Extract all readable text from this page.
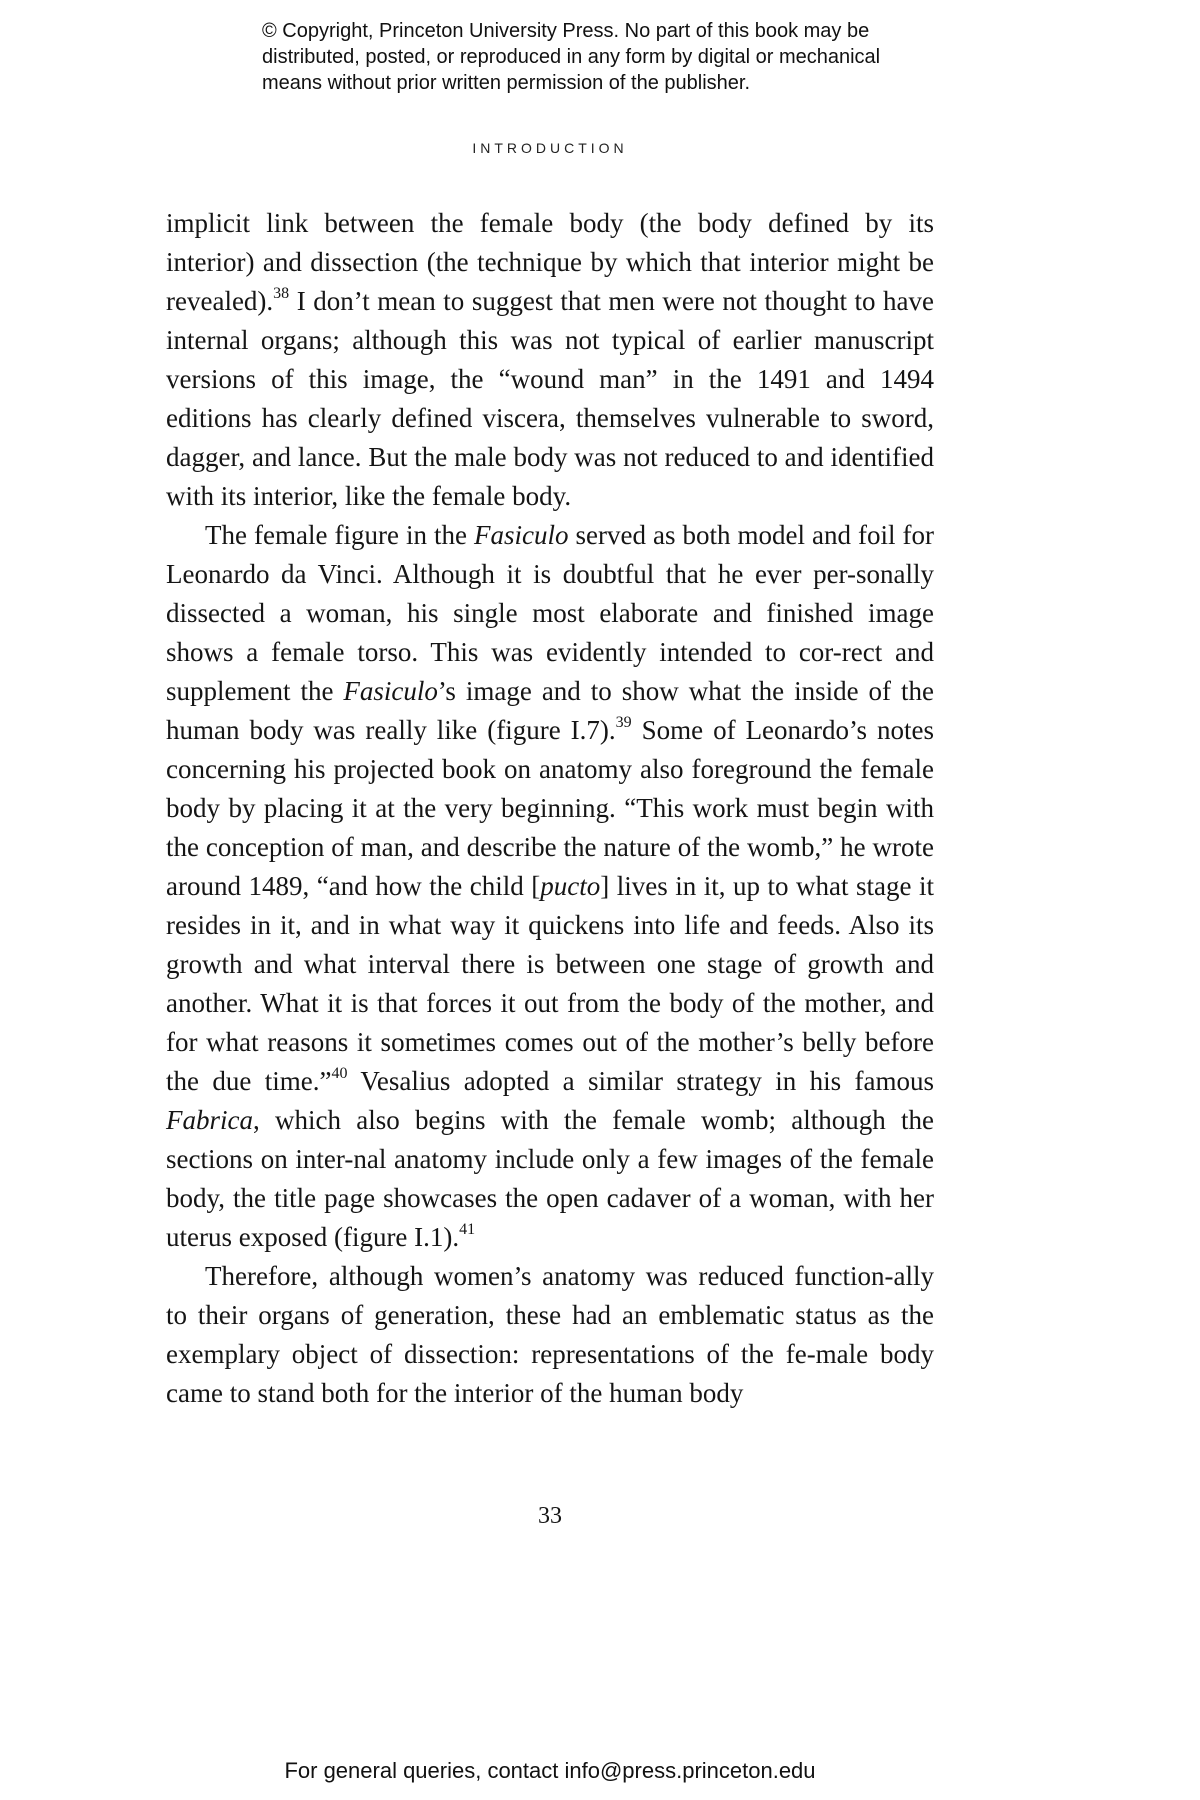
© Copyright, Princeton University Press. No part of this book may be
distributed, posted, or reproduced in any form by digital or mechanical
means without prior written permission of the publisher.
INTRODUCTION

implicit link between the female body (the body defined by its interior) and dissection (the technique by which that interior might be revealed).$^{38}$ I don’t mean to suggest that men were not thought to have internal organs; although this was not typical of earlier manuscript versions of this image, the “wound man” in the 1491 and 1494 editions has clearly defined viscera, themselves vulnerable to sword, dagger, and lance. But the male body was not reduced to and identified with its interior, like the female body.

The female figure in the Fasiculo served as both model and foil for Leonardo da Vinci. Although it is doubtful that he ever per-sonally dissected a woman, his single most elaborate and finished image shows a female torso. This was evidently intended to cor-rect and supplement the Fasiculo’s image and to show what the inside of the human body was really like (figure I.7).$^{39}$ Some of Leonardo’s notes concerning his projected book on anatomy also foreground the female body by placing it at the very beginning. “This work must begin with the conception of man, and describe the nature of the womb,” he wrote around 1489, “and how the child [pucto] lives in it, up to what stage it resides in it, and in what way it quickens into life and feeds. Also its growth and what interval there is between one stage of growth and another. What it is that forces it out from the body of the mother, and for what reasons it sometimes comes out of the mother’s belly before the due time.”$^{40}$ Vesalius adopted a similar strategy in his famous Fabrica, which also begins with the female womb; although the sections on inter-nal anatomy include only a few images of the female body, the title page showcases the open cadaver of a woman, with her uterus exposed (figure I.1).$^{41}$

Therefore, although women’s anatomy was reduced function-ally to their organs of generation, these had an emblematic status as the exemplary object of dissection: representations of the fe-male body came to stand both for the interior of the human body

33
For general queries, contact info@press.princeton.edu
